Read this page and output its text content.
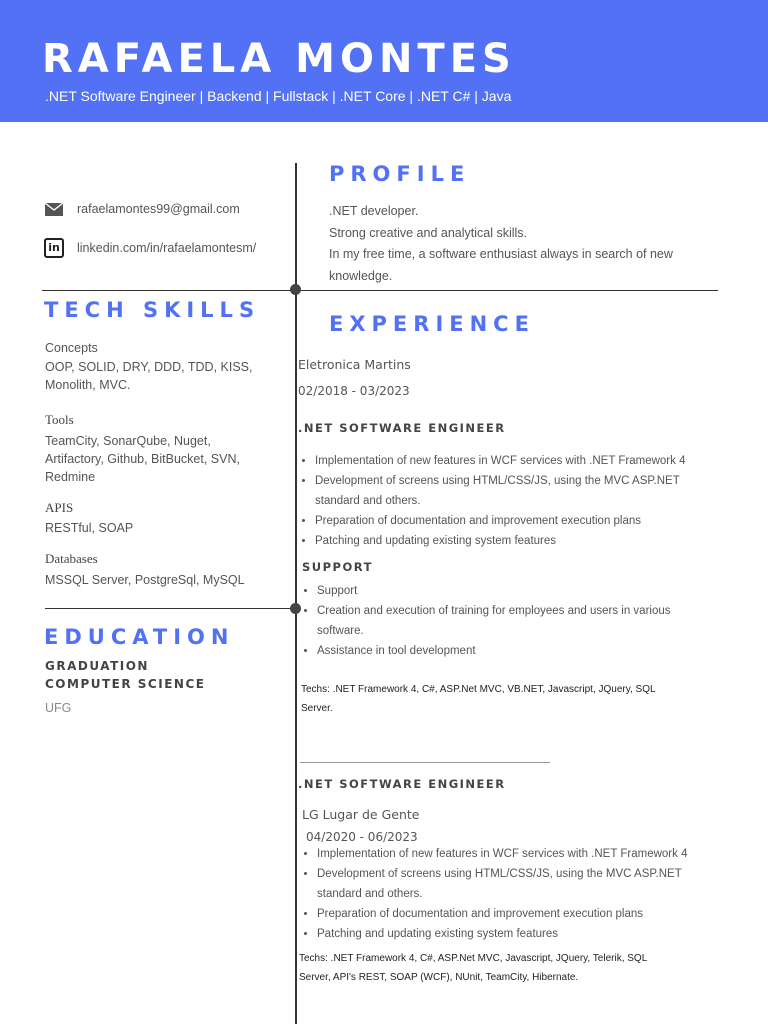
RAFAELA MONTES
.NET Software Engineer | Backend | Fullstack | .NET Core | .NET C# | Java
rafaelamontes99@gmail.com
in	linkedin.com/in/rafaelamontesm/
PROFILE
.NET developer.
Strong creative and analytical skills.
In my free time, a software enthusiast always in search of new
knowledge.
TECH SKILLS
Concepts
OOP, SOLID, DRY, DDD, TDD, KISS,
Monolith, MVC.
Tools
TeamCity, SonarQube, Nuget,
Artifactory, Github, BitBucket, SVN,
Redmine
APIS
RESTful, SOAP
Databases
MSSQL Server, PostgreSql, MySQL
EDUCATION
GRADUATION
COMPUTER SCIENCE
UFG
EXPERIENCE
Eletronica Martins
02/2018 - 03/2023
.NET SOFTWARE ENGINEER
• Implementation of new features in WCF services with .NET Framework 4
• Development of screens using HTML/CSS/JS, using the MVC ASP.NET standard and others.
• Preparation of documentation and improvement execution plans
• Patching and updating existing system features
SUPPORT
• Support
• Creation and execution of training for employees and users in various software.
• Assistance in tool development
Techs: .NET Framework 4, C#, ASP.Net MVC, VB.NET, Javascript, JQuery, SQL
Server.
.NET SOFTWARE ENGINEER
LG Lugar de Gente
04/2020 - 06/2023
• Implementation of new features in WCF services with .NET Framework 4
• Development of screens using HTML/CSS/JS, using the MVC ASP.NET standard and others.
• Preparation of documentation and improvement execution plans
• Patching and updating existing system features
Techs: .NET Framework 4, C#, ASP.Net MVC, Javascript, JQuery, Telerik, SQL
Server, API's REST, SOAP (WCF), NUnit, TeamCity, Hibernate.
